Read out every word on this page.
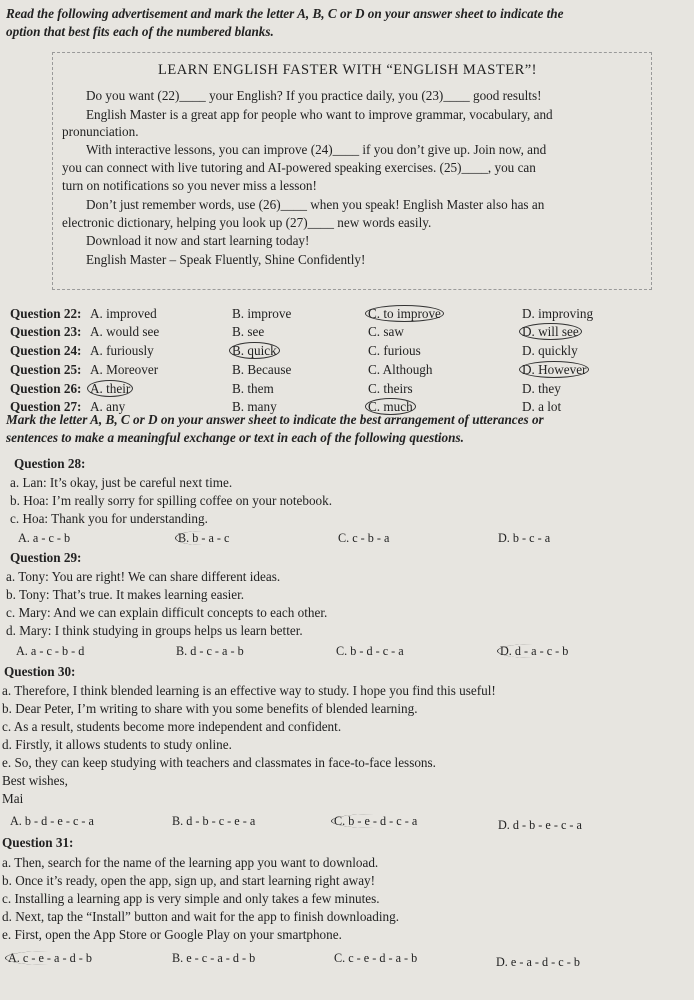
Read the following advertisement and mark the letter A, B, C or D on your answer sheet to indicate the
option that best fits each of the numbered blanks.
LEARN ENGLISH FASTER WITH “ENGLISH MASTER”!
Do you want (22)____ your English? If you practice daily, you (23)____ good results!
English Master is a great app for people who want to improve grammar, vocabulary, and
pronunciation.
With interactive lessons, you can improve (24)____ if you don’t give up. Join now, and
you can connect with live tutoring and AI-powered speaking exercises. (25)____, you can
turn on notifications so you never miss a lesson!
Don’t just remember words, use (26)____ when you speak! English Master also has an
electronic dictionary, helping you look up (27)____ new words easily.
Download it now and start learning today!
English Master – Speak Fluently, Shine Confidently!
Question 22: A. improved	B. improve	C. to improve	D. improving
Question 23: A. would see	B. see	C. saw	D. will see
Question 24: A. furiously	B. quick	C. furious	D. quickly
Question 25: A. Moreover	B. Because	C. Although	D. However
Question 26: A. their	B. them	C. theirs	D. they
Question 27: A. any	B. many	C. much	D. a lot
Mark the letter A, B, C or D on your answer sheet to indicate the best arrangement of utterances or
sentences to make a meaningful exchange or text in each of the following questions.
Question 28:
a. Lan: It’s okay, just be careful next time.
b. Hoa: I’m really sorry for spilling coffee on your notebook.
c. Hoa: Thank you for understanding.
A. a - c - b	B. b - a - c	C. c - b - a	D. b - c - a
Question 29:
a. Tony: You are right! We can share different ideas.
b. Tony: That’s true. It makes learning easier.
c. Mary: And we can explain difficult concepts to each other.
d. Mary: I think studying in groups helps us learn better.
A. a - c - b - d	B. d - c - a - b	C. b - d - c - a	D. d - a - c - b
Question 30:
a. Therefore, I think blended learning is an effective way to study. I hope you find this useful!
b. Dear Peter, I’m writing to share with you some benefits of blended learning.
c. As a result, students become more independent and confident.
d. Firstly, it allows students to study online.
e. So, they can keep studying with teachers and classmates in face-to-face lessons.
Best wishes,
Mai
A. b - d - e - c - a	B. d - b - c - e - a	C. b - e - d - c - a	D. d - b - e - c - a
Question 31:
a. Then, search for the name of the learning app you want to download.
b. Once it’s ready, open the app, sign up, and start learning right away!
c. Installing a learning app is very simple and only takes a few minutes.
d. Next, tap the “Install” button and wait for the app to finish downloading.
e. First, open the App Store or Google Play on your smartphone.
A. c - e - a - d - b	B. e - c - a - d - b	C. c - e - d - a - b	D. e - a - d - c - b
